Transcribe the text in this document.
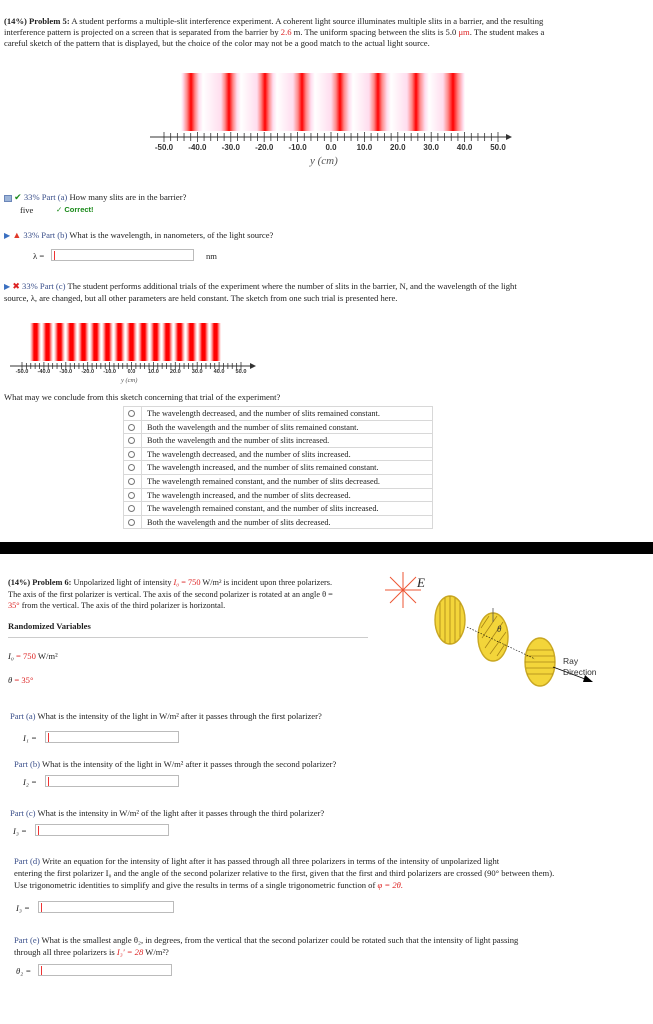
(14%) Problem 5: A student performs a multiple-slit interference experiment. A coherent light source illuminates multiple slits in a barrier, and the resulting
interference pattern is projected on a screen that is separated from the barrier by 2.6 m. The uniform spacing between the slits is 5.0 μm. The student makes a
careful sketch of the pattern that is displayed, but the choice of the color may not be a good match to the actual light source.
-50.0 -40.0 -30.0 -20.0 -10.0 0.0	10.0 20.0 30.0 40.0 50.0
y (cm)
✔ 33% Part (a) How many slits are in the barrier?
five	✓ Correct!
▶ ▲ 33% Part (b) What is the wavelength, in nanometers, of the light source?
λ =	nm
▶ ✖ 33% Part (c) The student performs additional trials of the experiment where the number of slits in the barrier, N, and the wavelength of the light
source, λ, are changed, but all other parameters are held constant. The sketch from one such trial is presented here.
-50.0 -40.0 -30.0 -20.0 -10.0 0.0 10.0 20.0 30.0 40.0 50.0
y (cm)
What may we conclude from this sketch concerning that trial of the experiment?
The wavelength decreased, and the number of slits remained constant.
Both the wavelength and the number of slits remained constant.
Both the wavelength and the number of slits increased.
The wavelength decreased, and the number of slits increased.
The wavelength increased, and the number of slits remained constant.
The wavelength remained constant, and the number of slits decreased.
The wavelength increased, and the number of slits decreased.
The wavelength remained constant, and the number of slits increased.
Both the wavelength and the number of slits decreased.
(14%) Problem 6: Unpolarized light of intensity I₀ = 750 W/m² is incident upon three polarizers.
The axis of the first polarizer is vertical. The axis of the second polarizer is rotated at an angle θ =
35° from the vertical. The axis of the third polarizer is horizontal.
Randomized Variables
I₀ = 750 W/m²
θ = 35°
E
θ
Ray
Direction
Part (a) What is the intensity of the light in W/m² after it passes through the first polarizer?
I₁ =
Part (b) What is the intensity of the light in W/m² after it passes through the second polarizer?
I₂ =
Part (c) What is the intensity in W/m² of the light after it passes through the third polarizer?
I₃ =
Part (d) Write an equation for the intensity of light after it has passed through all three polarizers in terms of the intensity of unpolarized light
entering the first polarizer I₀ and the angle of the second polarizer relative to the first, given that the first and third polarizers are crossed (90° between them).
Use trigonometric identities to simplify and give the results in terms of a single trigonometric function of φ = 2θ.
I₃ =
Part (e) What is the smallest angle θ₂, in degrees, from the vertical that the second polarizer could be rotated such that the intensity of light passing
through all three polarizers is I₃′ = 28 W/m²?
θ₂ =
